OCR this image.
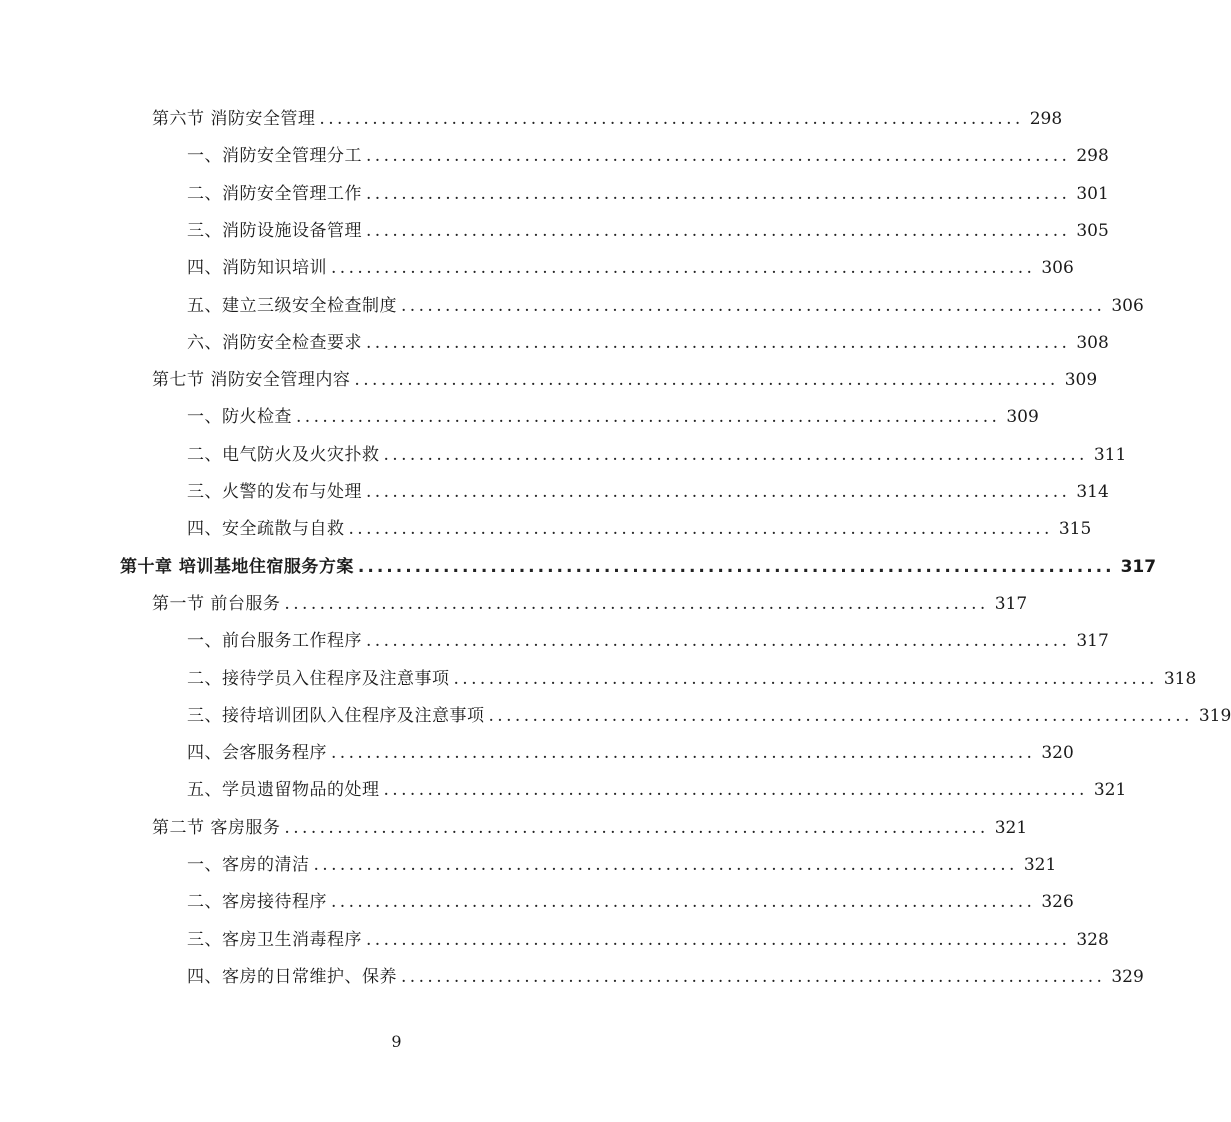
第六节 消防安全管理 ................................................................................ 298
一、消防安全管理分工 ................................................................................ 298
二、消防安全管理工作 ................................................................................ 301
三、消防设施设备管理 ................................................................................ 305
四、消防知识培训 ................................................................................ 306
五、建立三级安全检查制度 ................................................................................ 306
六、消防安全检查要求 ................................................................................ 308
第七节 消防安全管理内容 ................................................................................ 309
一、防火检查 ................................................................................ 309
二、电气防火及火灾扑救 ................................................................................ 311
三、火警的发布与处理 ................................................................................ 314
四、安全疏散与自救 ................................................................................ 315
第十章 培训基地住宿服务方案 ................................................................................ 317
第一节 前台服务 ................................................................................ 317
一、前台服务工作程序 ................................................................................ 317
二、接待学员入住程序及注意事项 ................................................................................ 318
三、接待培训团队入住程序及注意事项 ................................................................................ 319
四、会客服务程序 ................................................................................ 320
五、学员遗留物品的处理 ................................................................................ 321
第二节 客房服务 ................................................................................ 321
一、客房的清洁 ................................................................................ 321
二、客房接待程序 ................................................................................ 326
三、客房卫生消毒程序 ................................................................................ 328
四、客房的日常维护、保养 ................................................................................ 329
9
